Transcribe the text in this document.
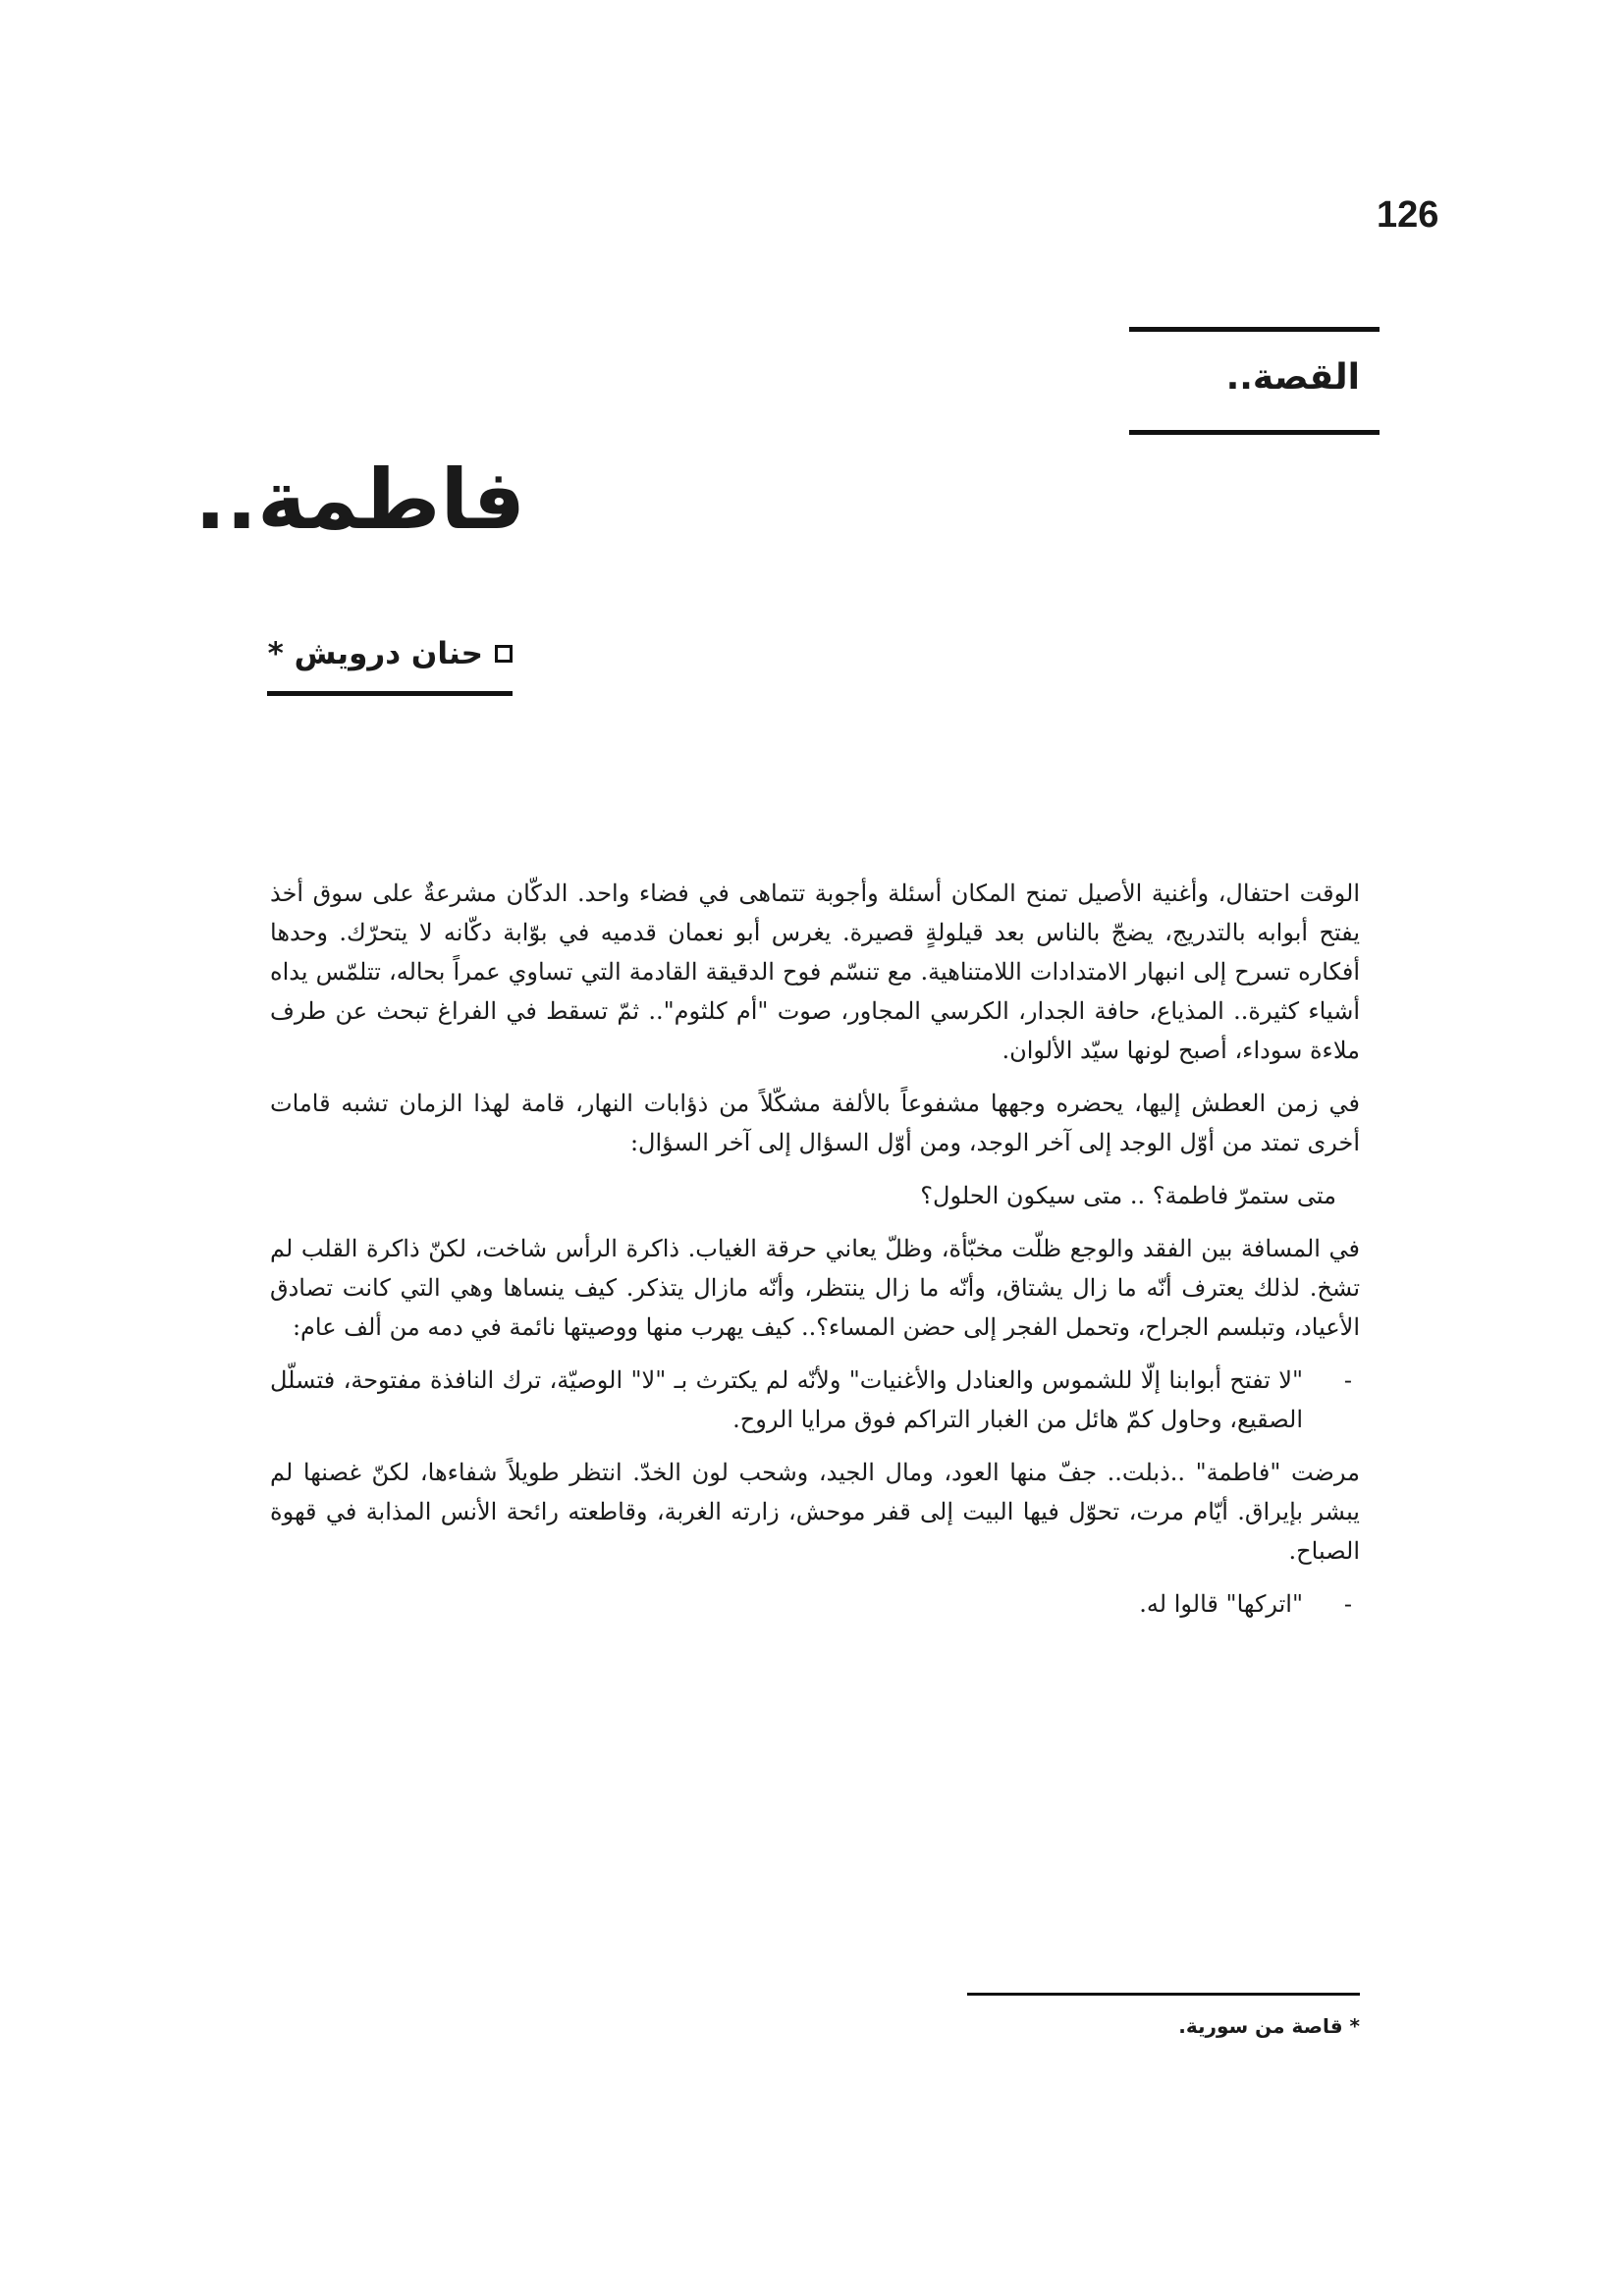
126
القصة..
فاطمة..
حنان درويش *

الوقت احتفال، وأغنية الأصيل تمنح المكان أسئلة وأجوبة تتماهى في فضاء واحد. الدكّان مشرعةٌ على سوق أخذ يفتح أبوابه بالتدريج، يضجّ بالناس بعد قيلولةٍ قصيرة. يغرس أبو نعمان قدميه في بوّابة دكّانه لا يتحرّك. وحدها أفكاره تسرح إلى انبهار الامتدادات اللامتناهية. مع تنسّم فوح الدقيقة القادمة التي تساوي عمراً بحاله، تتلمّس يداه أشياء كثيرة.. المذياع، حافة الجدار، الكرسي المجاور، صوت "أم كلثوم".. ثمّ تسقط في الفراغ تبحث عن طرف ملاءة سوداء، أصبح لونها سيّد الألوان.

في زمن العطش إليها، يحضره وجهها مشفوعاً بالألفة مشكّلاً من ذؤابات النهار، قامة لهذا الزمان تشبه قامات أخرى تمتد من أوّل الوجد إلى آخر الوجد، ومن أوّل السؤال إلى آخر السؤال:

متى ستمرّ فاطمة؟ .. متى سيكون الحلول؟

في المسافة بين الفقد والوجع ظلّت مخبّأة، وظلّ يعاني حرقة الغياب. ذاكرة الرأس شاخت، لكنّ ذاكرة القلب لم تشخ. لذلك يعترف أنّه ما زال يشتاق، وأنّه ما زال ينتظر، وأنّه مازال يتذكر. كيف ينساها وهي التي كانت تصادق الأعياد، وتبلسم الجراح، وتحمل الفجر إلى حضن المساء؟.. كيف يهرب منها ووصيتها نائمة في دمه من ألف عام:

-
"لا تفتح أبوابنا إلّا للشموس والعنادل والأغنيات" ولأنّه لم يكترث بـ "لا" الوصيّة، ترك النافذة مفتوحة، فتسلّل الصقيع، وحاول كمّ هائل من الغبار التراكم فوق مرايا الروح.

مرضت "فاطمة" ..ذبلت.. جفّ منها العود، ومال الجيد، وشحب لون الخدّ. انتظر طويلاً شفاءها، لكنّ غصنها لم يبشر بإيراق. أيّام مرت، تحوّل فيها البيت إلى قفر موحش، زارته الغربة، وقاطعته رائحة الأنس المذابة في قهوة الصباح.

-
"اتركها" قالوا له.

* قاصة من سورية.
